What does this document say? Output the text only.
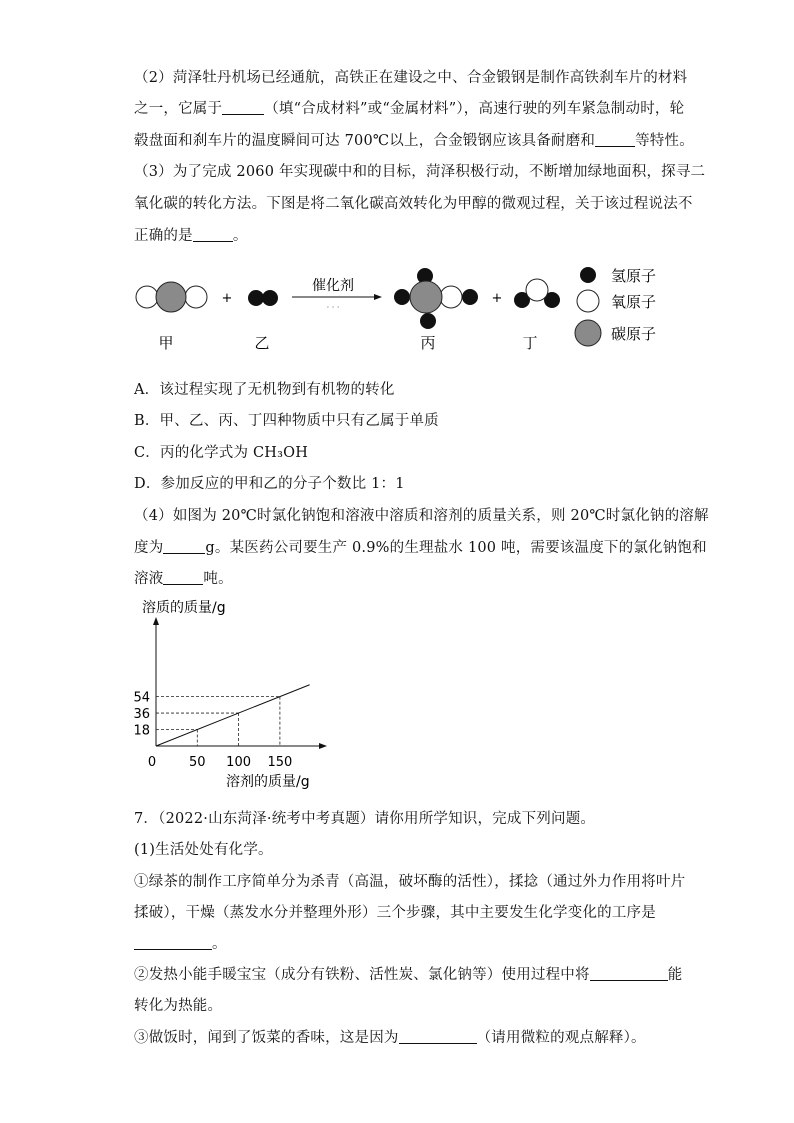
（2）菏泽牡丹机场已经通航，高铁正在建设之中、合金锻钢是制作高铁刹车片的材料
之一，它属于	（填“合成材料”或“金属材料”），高速行驶的列车紧急制动时，轮
毂盘面和刹车片的温度瞬间可达 700℃以上，合金锻钢应该具备耐磨和	等特性。
（3）为了完成 2060 年实现碳中和的目标，菏泽积极行动，不断增加绿地面积，探寻二
氧化碳的转化方法。下图是将二氧化碳高效转化为甲醇的微观过程，关于该过程说法不
正确的是	。
+
催化剂
· · ·
+
氢原子
氧原子
碳原子
甲	乙	丙	丁
A．该过程实现了无机物到有机物的转化
B．甲、乙、丙、丁四种物质中只有乙属于单质
C．丙的化学式为 CH₃OH
D．参加反应的甲和乙的分子个数比 1：1
（4）如图为 20℃时氯化钠饱和溶液中溶质和溶剂的质量关系，则 20℃时氯化钠的溶解
度为	g。某医药公司要生产 0.9%的生理盐水 100 吨，需要该温度下的氯化钠饱和
溶液	吨。
溶质的质量/g
溶剂的质量/g
0	50
18
100
36
150
54
7．（2022·山东菏泽·统考中考真题）请你用所学知识，完成下列问题。
(1)生活处处有化学。
①绿茶的制作工序简单分为杀青（高温，破坏酶的活性），揉捻（通过外力作用将叶片
揉破），干燥（蒸发水分并整理外形）三个步骤，其中主要发生化学变化的工序是
。
②发热小能手暖宝宝（成分有铁粉、活性炭、氯化钠等）使用过程中将	能
转化为热能。
③做饭时，闻到了饭菜的香味，这是因为	（请用微粒的观点解释）。
